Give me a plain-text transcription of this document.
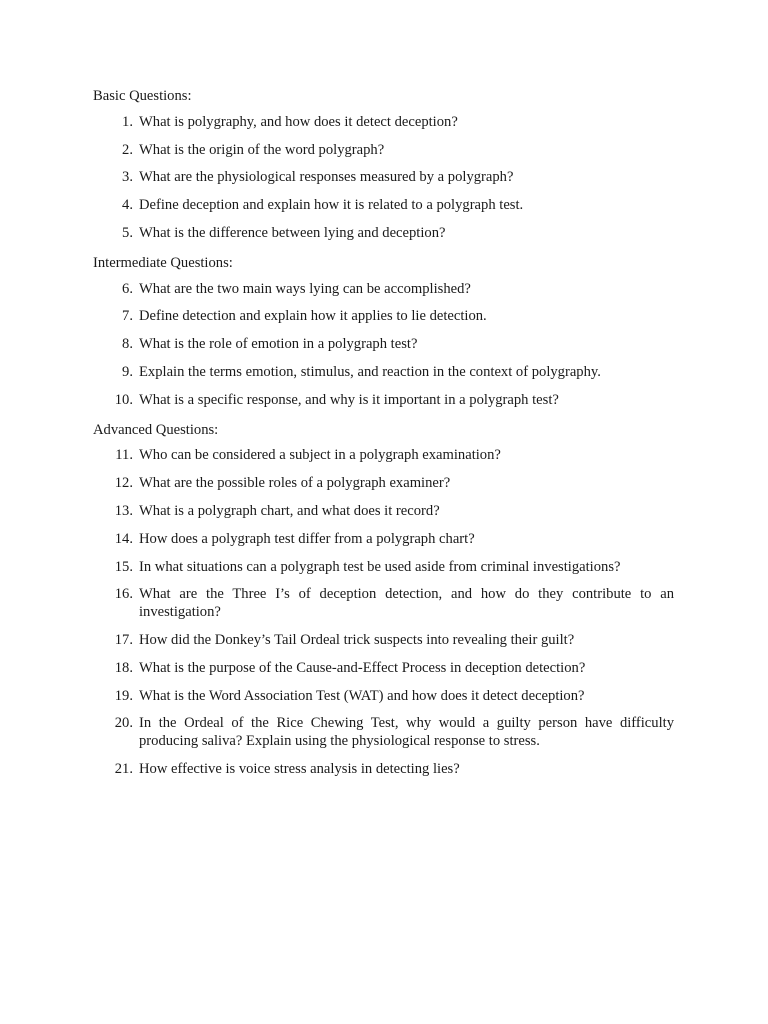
Basic Questions:

1. What is polygraphy, and how does it detect deception?
2. What is the origin of the word polygraph?
3. What are the physiological responses measured by a polygraph?
4. Define deception and explain how it is related to a polygraph test.
5. What is the difference between lying and deception?

Intermediate Questions:

6. What are the two main ways lying can be accomplished?
7. Define detection and explain how it applies to lie detection.
8. What is the role of emotion in a polygraph test?
9. Explain the terms emotion, stimulus, and reaction in the context of polygraphy.
10. What is a specific response, and why is it important in a polygraph test?

Advanced Questions:

11. Who can be considered a subject in a polygraph examination?
12. What are the possible roles of a polygraph examiner?
13. What is a polygraph chart, and what does it record?
14. How does a polygraph test differ from a polygraph chart?
15. In what situations can a polygraph test be used aside from criminal investigations?
16. What are the Three I’s of deception detection, and how do they contribute to an investigation?
17. How did the Donkey’s Tail Ordeal trick suspects into revealing their guilt?
18. What is the purpose of the Cause-and-Effect Process in deception detection?
19. What is the Word Association Test (WAT) and how does it detect deception?
20. In the Ordeal of the Rice Chewing Test, why would a guilty person have difficulty producing saliva? Explain using the physiological response to stress.
21. How effective is voice stress analysis in detecting lies?
